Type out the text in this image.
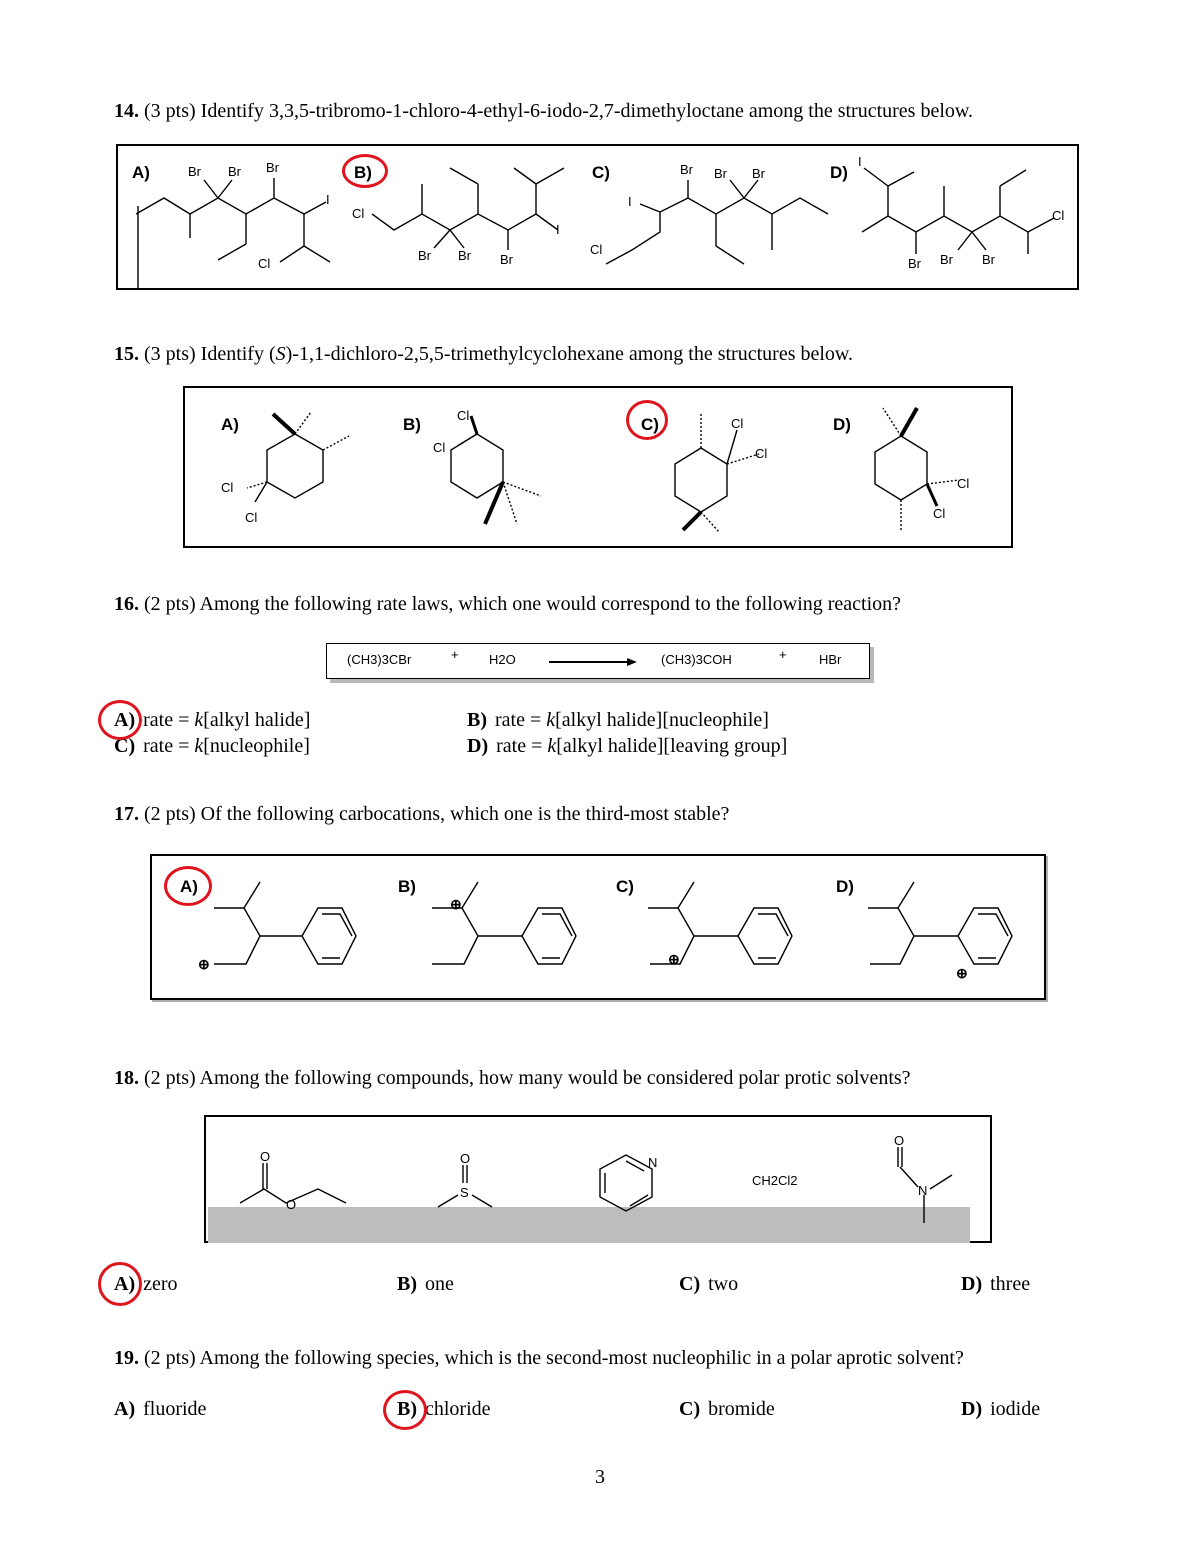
14. (3 pts) Identify 3,3,5-tribromo-1-chloro-4-ethyl-6-iodo-2,7-dimethyloctane among the structures below.
A)	Br Br Br
I
Cl
B)
Cl
Br Br Br
I
C)	Br Br Br
I
Cl
D)
I
Br Br Br
Cl
15. (3 pts) Identify (S)-1,1-dichloro-2,5,5-trimethylcyclohexane among the structures below.
A)
Cl
Cl
B)	Cl
Cl
C)	Cl
Cl
D)
Cl
Cl
16. (2 pts) Among the following rate laws, which one would correspond to the following reaction?
(CH3)3CBr	+ H2O	(CH3)3COH	+ HBr
A) rate = k[alkyl halide]	B) rate = k[alkyl halide][nucleophile]
C) rate = k[nucleophile]	D) rate = k[alkyl halide][leaving group]
17. (2 pts) Of the following carbocations, which one is the third-most stable?
A)	B)	C)	D)
⊕
⊕
⊕
⊕
18. (2 pts) Among the following compounds, how many would be considered polar protic solvents?
O
O
O
S
N
CH2Cl2
O
N
A) zero	B) one	C) two	D) three
19. (2 pts) Among the following species, which is the second-most nucleophilic in a polar aprotic solvent?
A) fluoride	B) chloride	C) bromide	D) iodide
3
